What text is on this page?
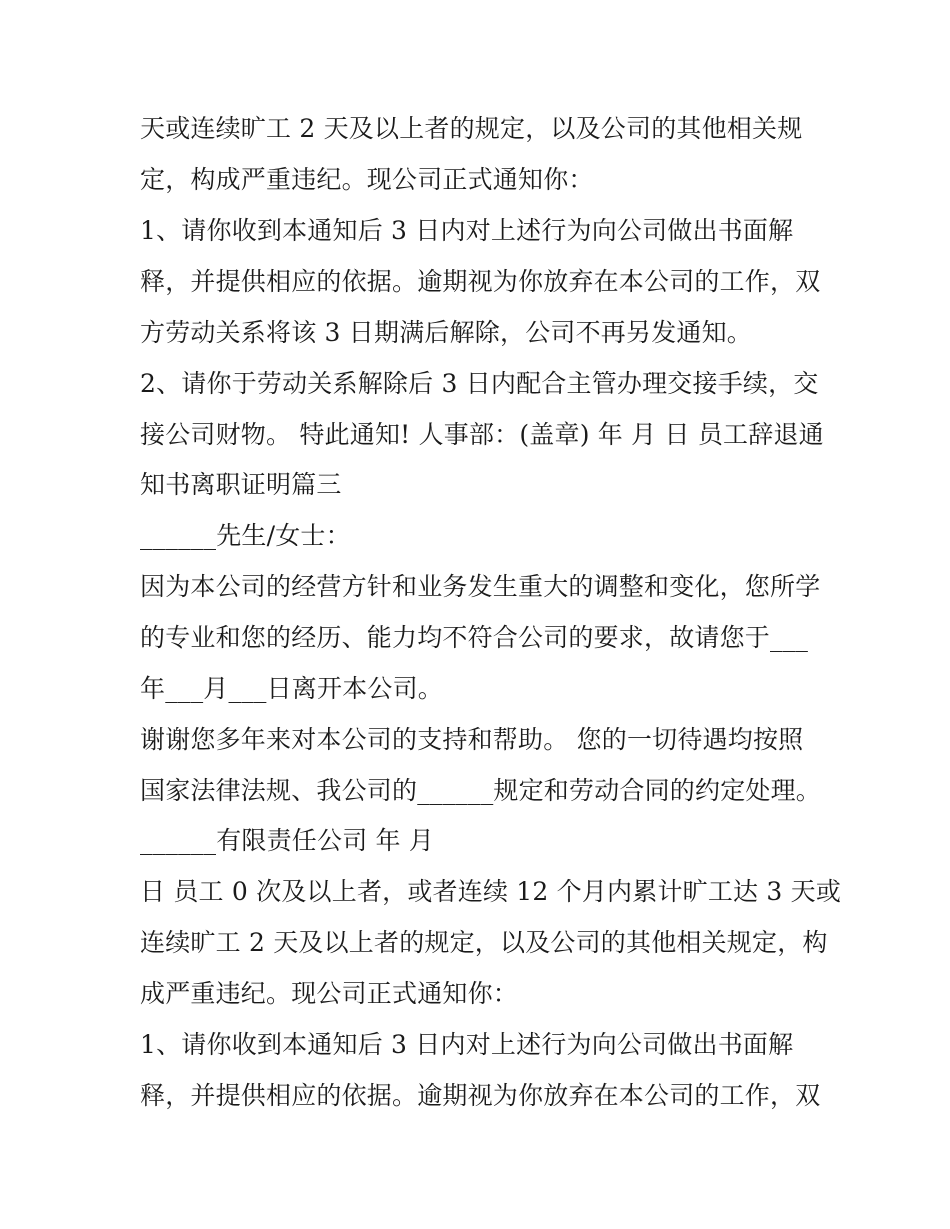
天或连续旷工 2 天及以上者的规定，以及公司的其他相关规
定，构成严重违纪。现公司正式通知你：
1、请你收到本通知后 3 日内对上述行为向公司做出书面解
释，并提供相应的依据。逾期视为你放弃在本公司的工作，双
方劳动关系将该 3 日期满后解除，公司不再另发通知。
2、请你于劳动关系解除后 3 日内配合主管办理交接手续，交
接公司财物。 特此通知! 人事部：(盖章) 年 月 日 员工辞退通
知书离职证明篇三
______先生/女士：
因为本公司的经营方针和业务发生重大的调整和变化，您所学
的专业和您的经历、能力均不符合公司的要求，故请您于___
年___月___日离开本公司。
谢谢您多年来对本公司的支持和帮助。 您的一切待遇均按照
国家法律法规、我公司的______规定和劳动合同的约定处理。
______有限责任公司 年 月
日 员工 0 次及以上者，或者连续 12 个月内累计旷工达 3 天或
连续旷工 2 天及以上者的规定，以及公司的其他相关规定，构
成严重违纪。现公司正式通知你：
1、请你收到本通知后 3 日内对上述行为向公司做出书面解
释，并提供相应的依据。逾期视为你放弃在本公司的工作，双
